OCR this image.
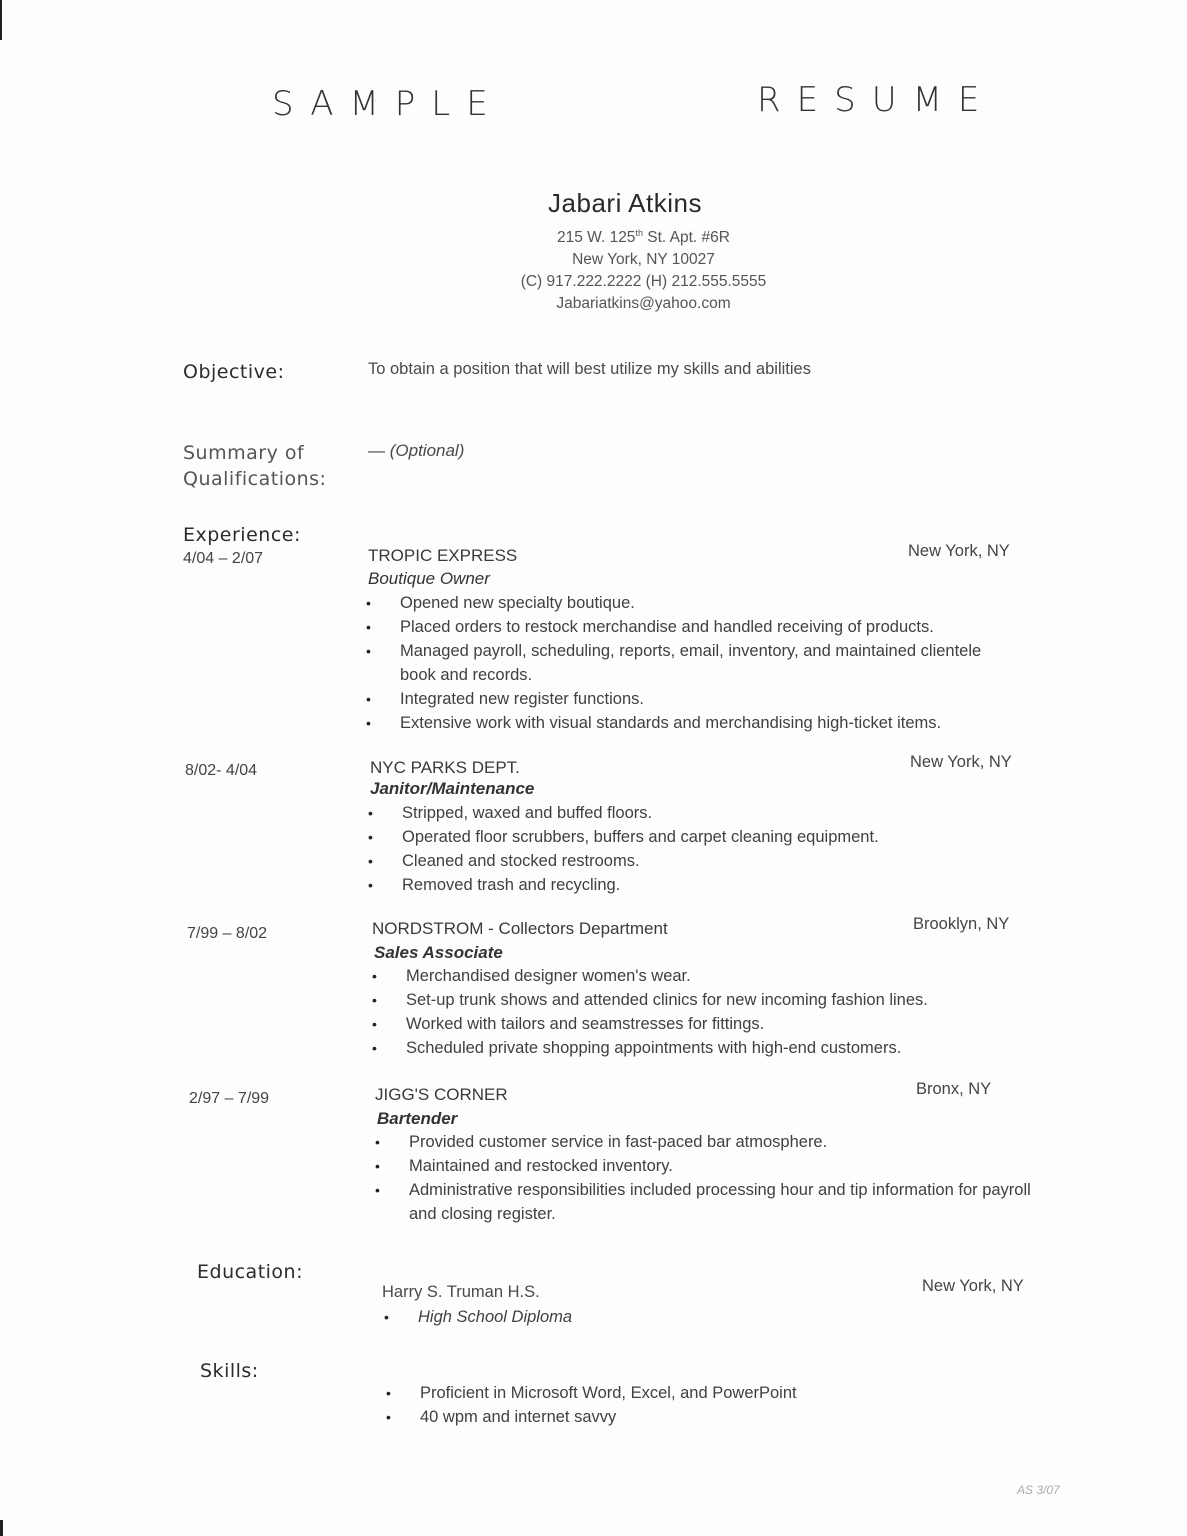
SAMPLE	RESUME
Jabari Atkins
215 W. 125th St. Apt. #6R
New York, NY 10027
(C) 917.222.2222 (H) 212.555.5555
Jabariatkins@yahoo.com
Objective:	To obtain a position that will best utilize my skills and abilities
Summary of
Qualifications:
— (Optional)
Experience:
4/04 – 2/07	TROPIC EXPRESS	New York, NY
Boutique Owner
• Opened new specialty boutique.
• Placed orders to restock merchandise and handled receiving of products.
• Managed payroll, scheduling, reports, email, inventory, and maintained clientele book and records.
• Integrated new register functions.
• Extensive work with visual standards and merchandising high-ticket items.
8/02- 4/04	NYC PARKS DEPT.	New York, NY
Janitor/Maintenance
• Stripped, waxed and buffed floors.
• Operated floor scrubbers, buffers and carpet cleaning equipment.
• Cleaned and stocked restrooms.
• Removed trash and recycling.
7/99 – 8/02	NORDSTROM - Collectors Department	Brooklyn, NY
Sales Associate
• Merchandised designer women's wear.
• Set-up trunk shows and attended clinics for new incoming fashion lines.
• Worked with tailors and seamstresses for fittings.
• Scheduled private shopping appointments with high-end customers.
2/97 – 7/99	JIGG'S CORNER	Bronx, NY
Bartender
• Provided customer service in fast-paced bar atmosphere.
• Maintained and restocked inventory.
• Administrative responsibilities included processing hour and tip information for payroll and closing register.
Education:
Harry S. Truman H.S.	New York, NY
• High School Diploma
Skills:
• Proficient in Microsoft Word, Excel, and PowerPoint
• 40 wpm and internet savvy
AS 3/07
